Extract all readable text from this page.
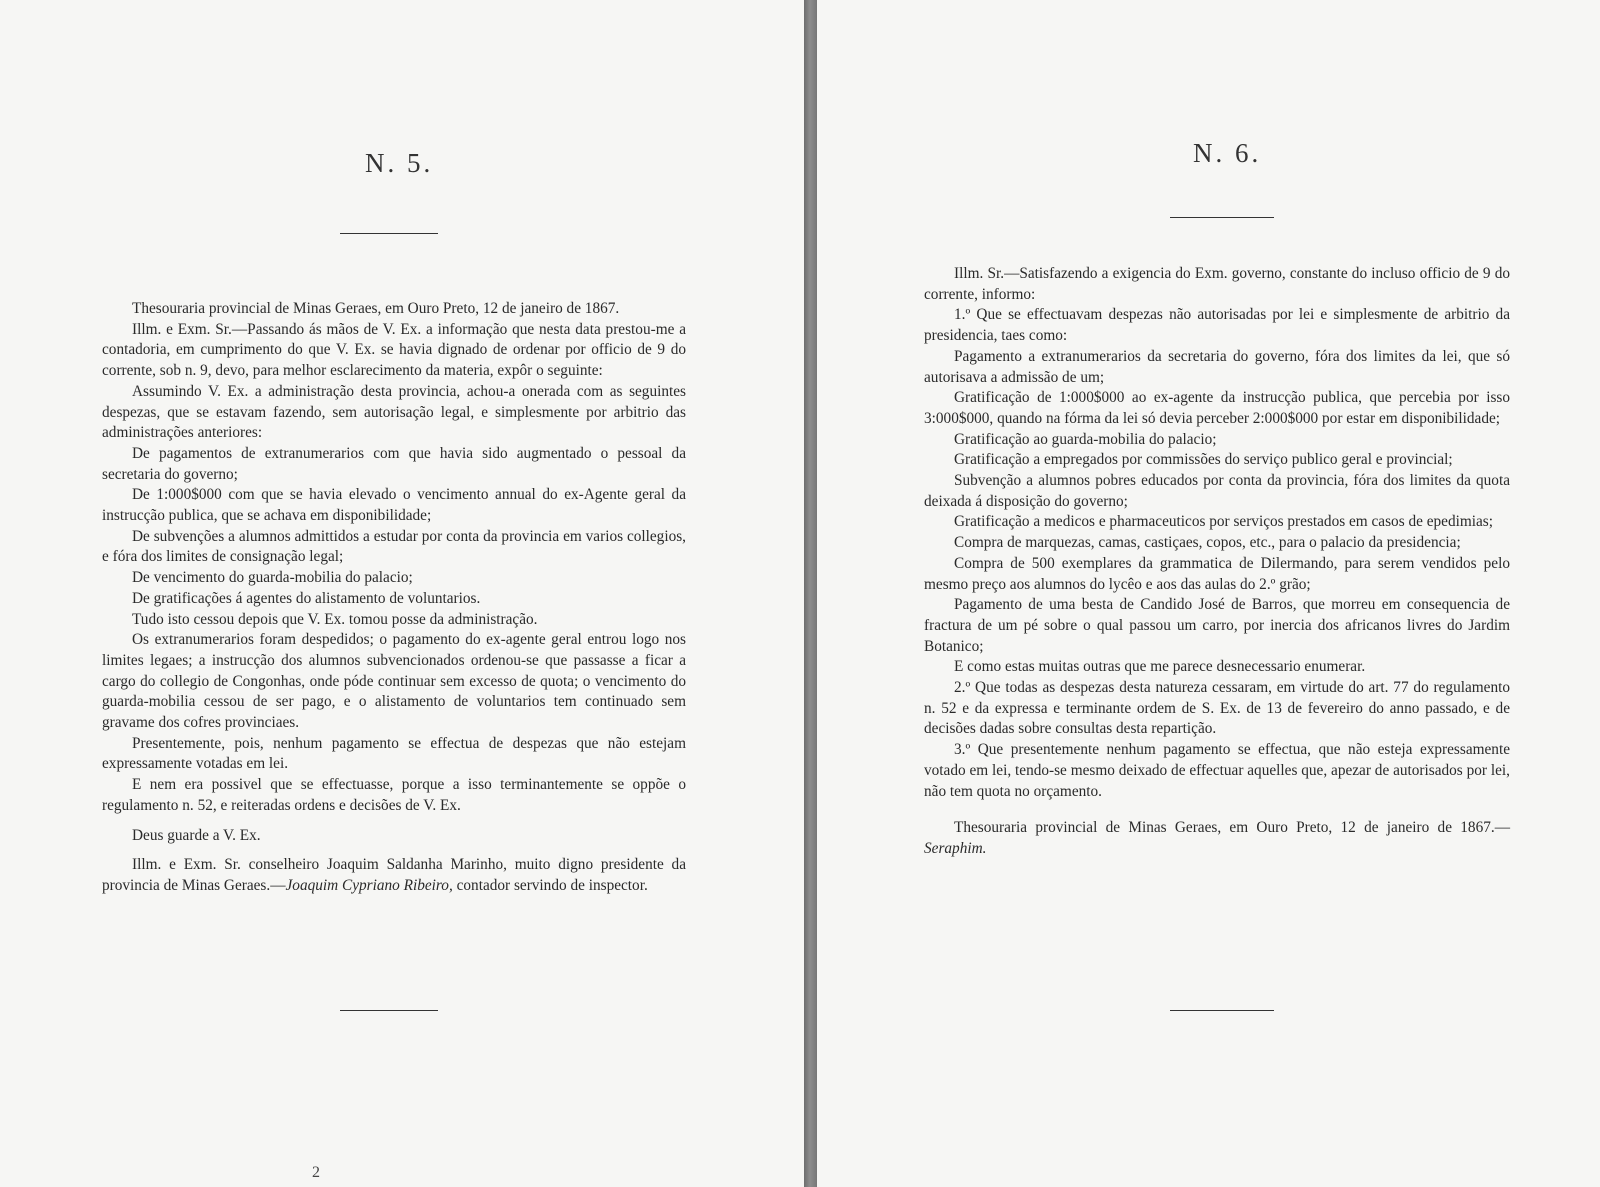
N. 5.

Thesouraria provincial de Minas Geraes, em Ouro Preto, 12 de janeiro de 1867.

Illm. e Exm. Sr.—Passando ás mãos de V. Ex. a informação que nesta data prestou-me a contadoria, em cumprimento do que V. Ex. se havia dignado de ordenar por officio de 9 do corrente, sob n. 9, devo, para melhor esclarecimento da materia, expôr o seguinte:

Assumindo V. Ex. a administração desta provincia, achou-a onerada com as seguintes despezas, que se estavam fazendo, sem autorisação legal, e simplesmente por arbitrio das administrações anteriores:

De pagamentos de extranumerarios com que havia sido augmentado o pessoal da secretaria do governo;

De 1:000$000 com que se havia elevado o vencimento annual do ex-Agente geral da instrucção publica, que se achava em disponibilidade;

De subvenções a alumnos admittidos a estudar por conta da provincia em varios collegios, e fóra dos limites de consignação legal;

De vencimento do guarda-mobilia do palacio;

De gratificações á agentes do alistamento de voluntarios.

Tudo isto cessou depois que V. Ex. tomou posse da administração.

Os extranumerarios foram despedidos; o pagamento do ex-agente geral entrou logo nos limites legaes; a instrucção dos alumnos subvencionados ordenou-se que passasse a ficar a cargo do collegio de Congonhas, onde póde continuar sem excesso de quota; o vencimento do guarda-mobilia cessou de ser pago, e o alistamento de voluntarios tem continuado sem gravame dos cofres provinciaes.

Presentemente, pois, nenhum pagamento se effectua de despezas que não estejam expressamente votadas em lei.

E nem era possivel que se effectuasse, porque a isso terminantemente se oppõe o regulamento n. 52, e reiteradas ordens e decisões de V. Ex.

Deus guarde a V. Ex.

Illm. e Exm. Sr. conselheiro Joaquim Saldanha Marinho, muito digno presidente da provincia de Minas Geraes.—Joaquim Cypriano Ribeiro, contador servindo de inspector.

2
N. 6.

Illm. Sr.—Satisfazendo a exigencia do Exm. governo, constante do incluso officio de 9 do corrente, informo:

1.º Que se effectuavam despezas não autorisadas por lei e simplesmente de arbitrio da presidencia, taes como:

Pagamento a extranumerarios da secretaria do governo, fóra dos limites da lei, que só autorisava a admissão de um;

Gratificação de 1:000$000 ao ex-agente da instrucção publica, que percebia por isso 3:000$000, quando na fórma da lei só devia perceber 2:000$000 por estar em disponibilidade;

Gratificação ao guarda-mobilia do palacio;

Gratificação a empregados por commissões do serviço publico geral e provincial;

Subvenção a alumnos pobres educados por conta da provincia, fóra dos limites da quota deixada á disposição do governo;

Gratificação a medicos e pharmaceuticos por serviços prestados em casos de epedimias;

Compra de marquezas, camas, castiçaes, copos, etc., para o palacio da presidencia;

Compra de 500 exemplares da grammatica de Dilermando, para serem vendidos pelo mesmo preço aos alumnos do lycêo e aos das aulas do 2.º grão;

Pagamento de uma besta de Candido José de Barros, que morreu em consequencia de fractura de um pé sobre o qual passou um carro, por inercia dos africanos livres do Jardim Botanico;

E como estas muitas outras que me parece desnecessario enumerar.

2.º Que todas as despezas desta natureza cessaram, em virtude do art. 77 do regulamento n. 52 e da expressa e terminante ordem de S. Ex. de 13 de fevereiro do anno passado, e de decisões dadas sobre consultas desta repartição.

3.º Que presentemente nenhum pagamento se effectua, que não esteja expressamente votado em lei, tendo-se mesmo deixado de effectuar aquelles que, apezar de autorisados por lei, não tem quota no orçamento.

Thesouraria provincial de Minas Geraes, em Ouro Preto, 12 de janeiro de 1867.—Seraphim.
